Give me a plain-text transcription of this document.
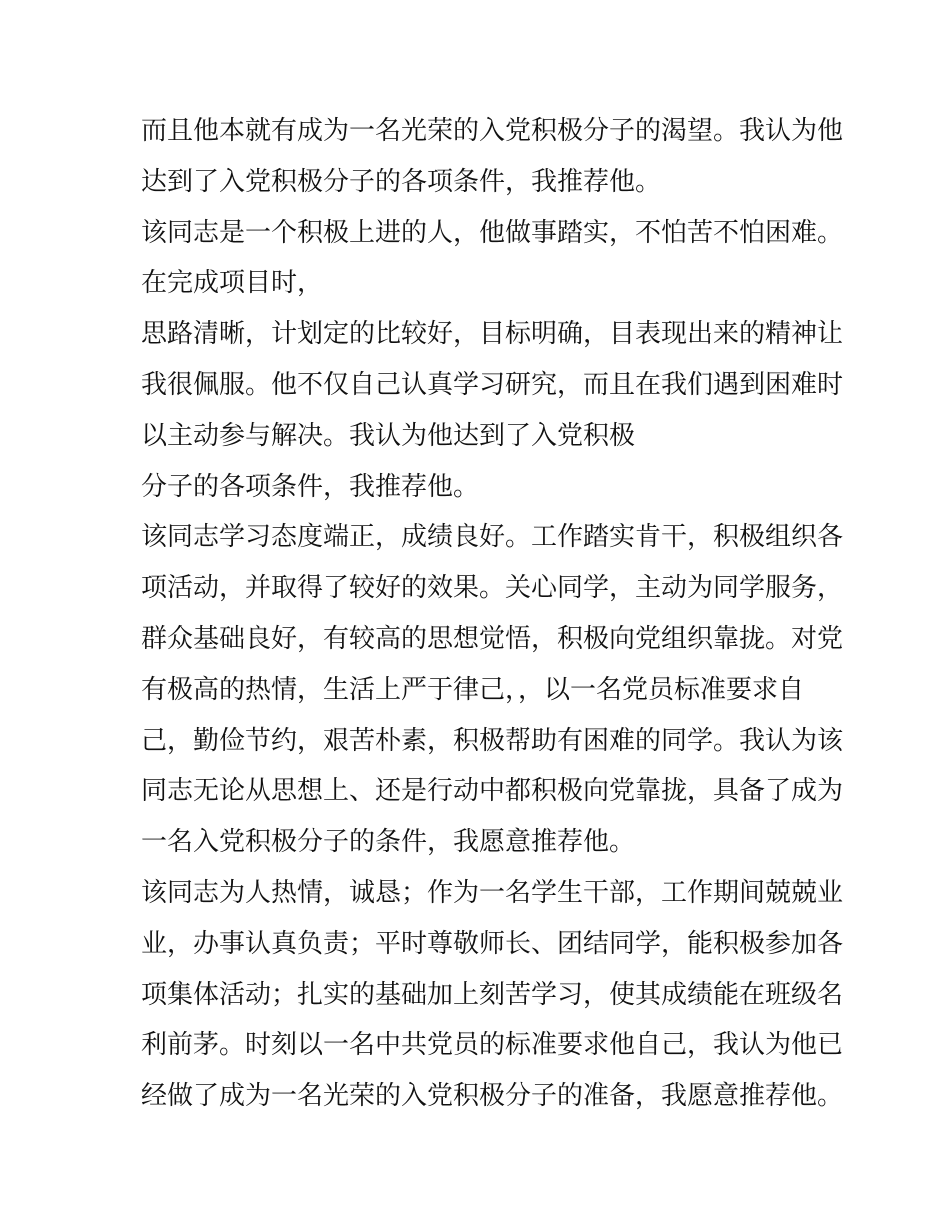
而且他本就有成为一名光荣的入党积极分子的渴望。我认为他
达到了入党积极分子的各项条件，我推荐他。
该同志是一个积极上进的人，他做事踏实，不怕苦不怕困难。
在完成项目时，
思路清晰，计划定的比较好，目标明确，目表现出来的精神让
我很佩服。他不仅自己认真学习研究，而且在我们遇到困难时
以主动参与解决。我认为他达到了入党积极
分子的各项条件，我推荐他。
该同志学习态度端正，成绩良好。工作踏实肯干，积极组织各
项活动，并取得了较好的效果。关心同学，主动为同学服务，
群众基础良好，有较高的思想觉悟，积极向党组织靠拢。对党
有极高的热情，生活上严于律己，，以一名党员标准要求自
己，勤俭节约，艰苦朴素，积极帮助有困难的同学。我认为该
同志无论从思想上、还是行动中都积极向党靠拢，具备了成为
一名入党积极分子的条件，我愿意推荐他。
该同志为人热情，诚恳；作为一名学生干部，工作期间兢兢业
业，办事认真负责；平时尊敬师长、团结同学，能积极参加各
项集体活动；扎实的基础加上刻苦学习，使其成绩能在班级名
利前茅。时刻以一名中共党员的标准要求他自己，我认为他已
经做了成为一名光荣的入党积极分子的准备，我愿意推荐他。
